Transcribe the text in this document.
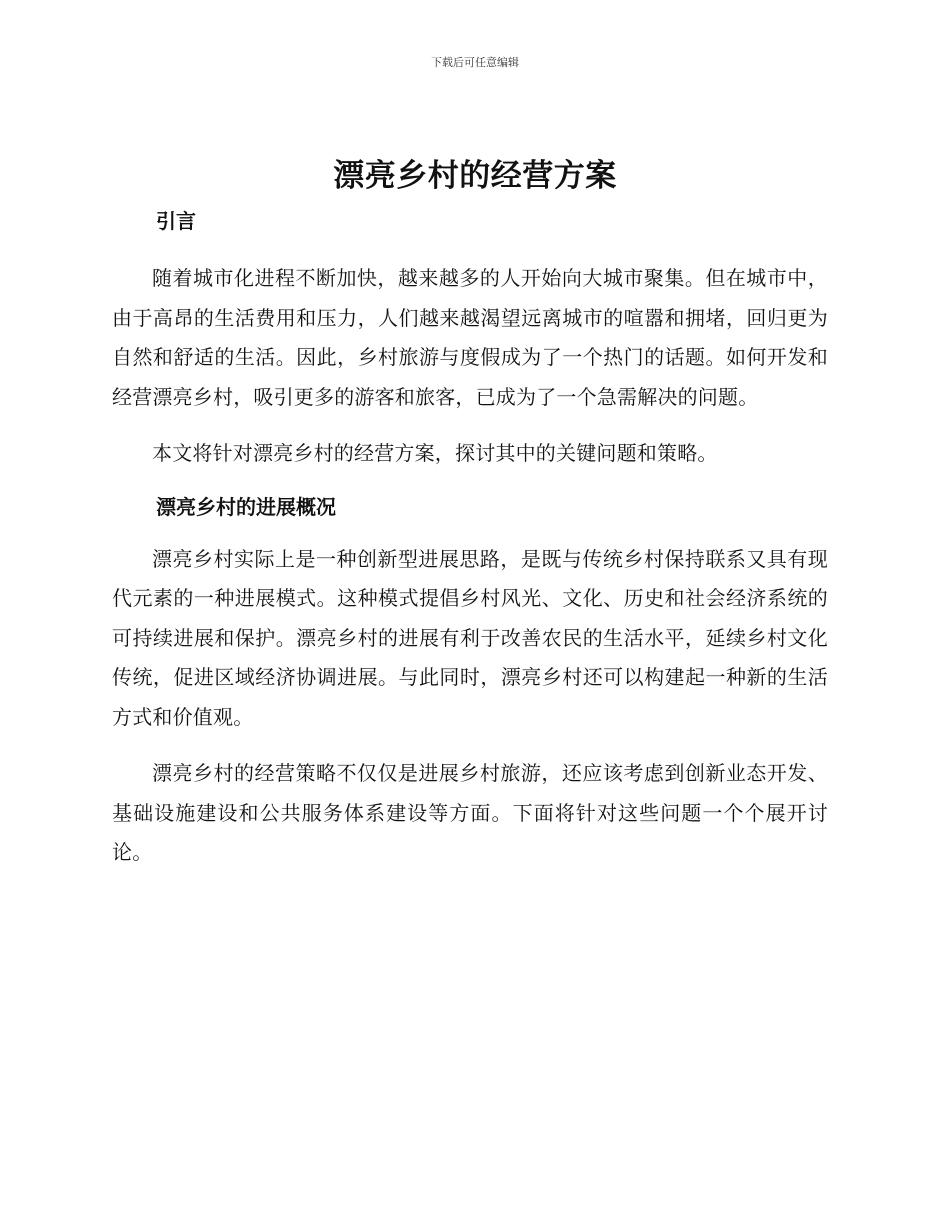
下载后可任意编辑
漂亮乡村的经营方案
引言

随着城市化进程不断加快，越来越多的人开始向大城市聚集。但在城市中，由于高昂的生活费用和压力，人们越来越渴望远离城市的喧嚣和拥堵，回归更为自然和舒适的生活。因此，乡村旅游与度假成为了一个热门的话题。如何开发和经营漂亮乡村，吸引更多的游客和旅客，已成为了一个急需解决的问题。

本文将针对漂亮乡村的经营方案，探讨其中的关键问题和策略。

漂亮乡村的进展概况

漂亮乡村实际上是一种创新型进展思路，是既与传统乡村保持联系又具有现代元素的一种进展模式。这种模式提倡乡村风光、文化、历史和社会经济系统的可持续进展和保护。漂亮乡村的进展有利于改善农民的生活水平，延续乡村文化传统，促进区域经济协调进展。与此同时，漂亮乡村还可以构建起一种新的生活方式和价值观。

漂亮乡村的经营策略不仅仅是进展乡村旅游，还应该考虑到创新业态开发、基础设施建设和公共服务体系建设等方面。下面将针对这些问题一个个展开讨论。
